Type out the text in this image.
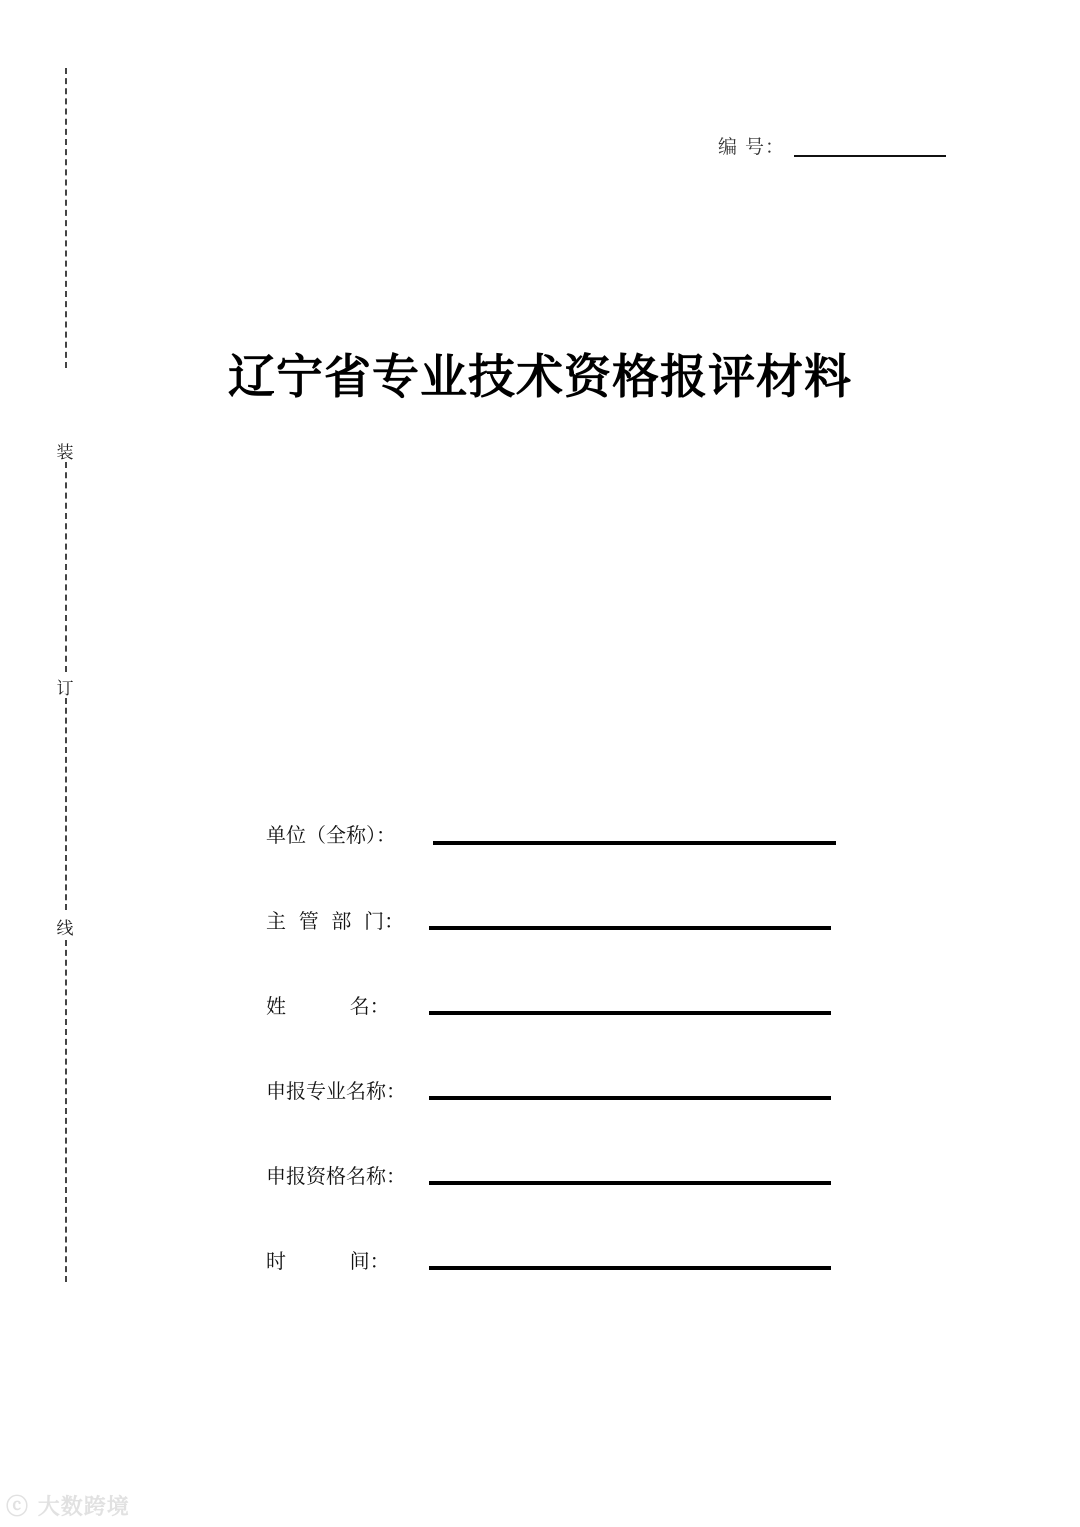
装
订
线
编 号：
辽宁省专业技术资格报评材料
单位（全称）：
主  管  部  门：
姓          名：
申报专业名称：
申报资格名称：
时          间：
ⓒ 大数跨境
